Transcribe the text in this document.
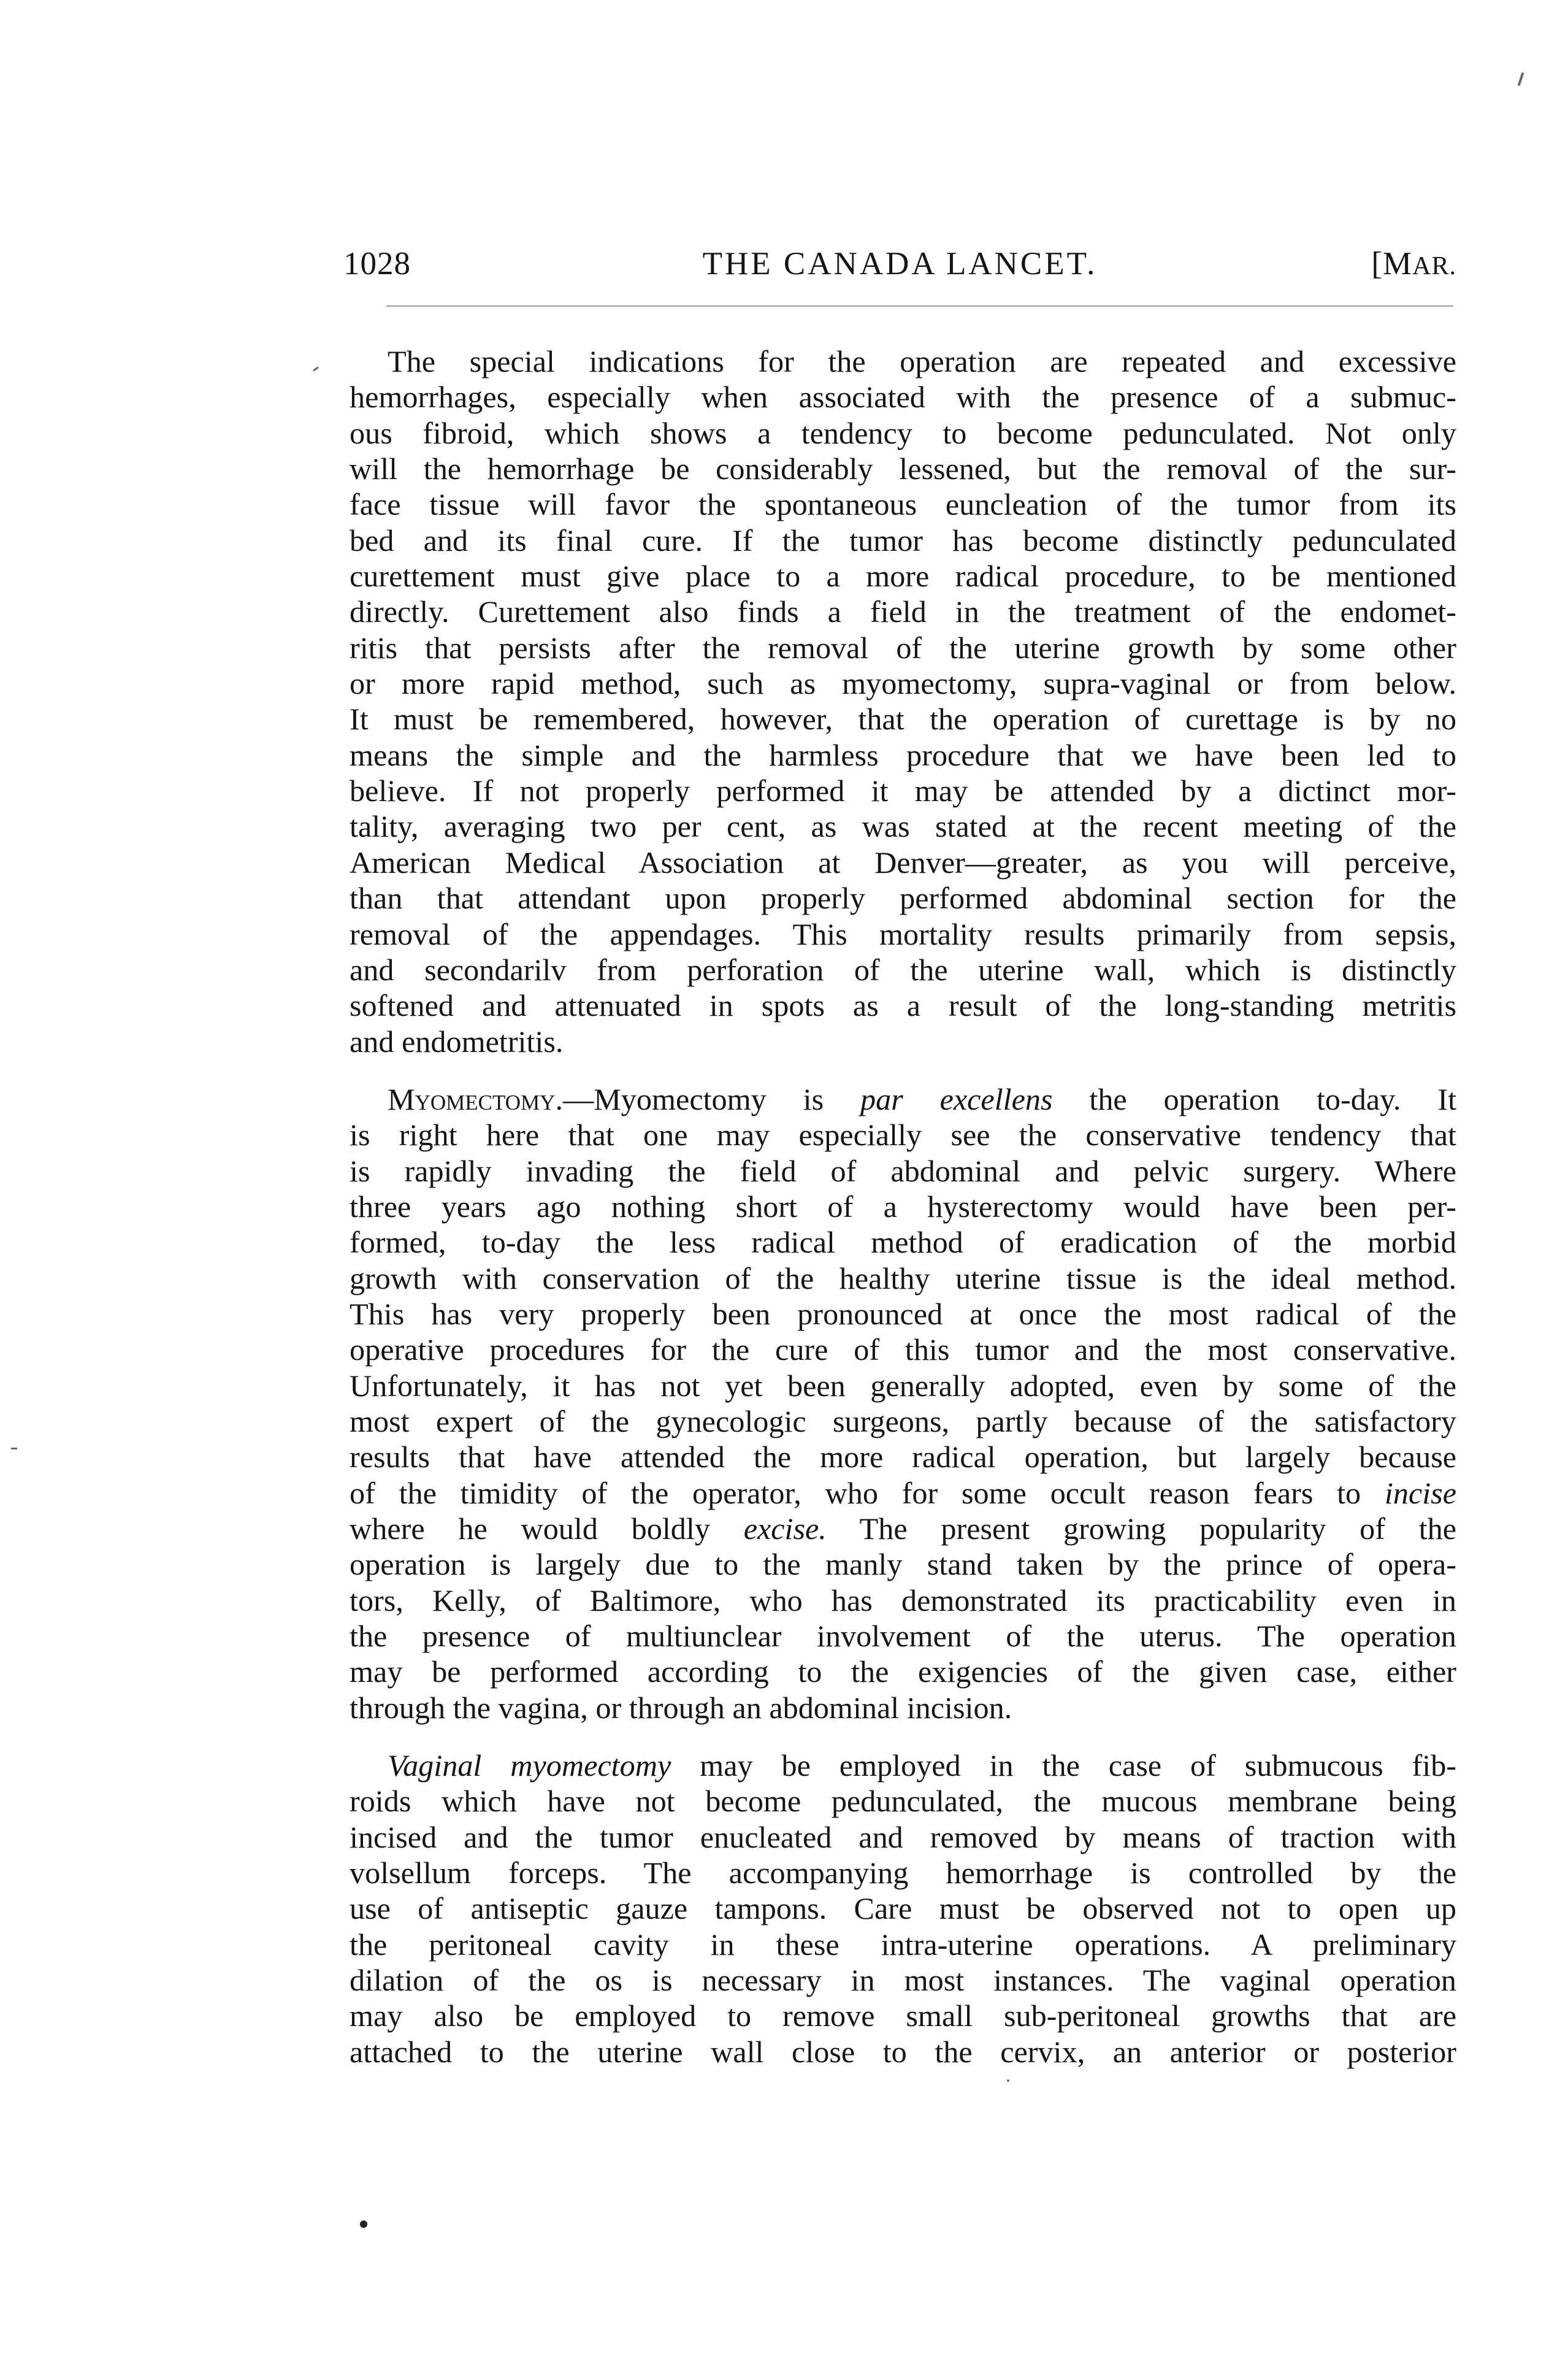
1028	THE CANADA LANCET.	[MAR.
The special indications for the operation are repeated and excessive
hemorrhages, especially when associated with the presence of a submuc-
ous fibroid, which shows a tendency to become pedunculated. Not only
will the hemorrhage be considerably lessened, but the removal of the sur-
face tissue will favor the spontaneous euncleation of the tumor from its
bed and its final cure. If the tumor has become distinctly pedunculated
curettement must give place to a more radical procedure, to be mentioned
directly. Curettement also finds a field in the treatment of the endomet-
ritis that persists after the removal of the uterine growth by some other
or more rapid method, such as myomectomy, supra-vaginal or from below.
It must be remembered, however, that the operation of curettage is by no
means the simple and the harmless procedure that we have been led to
believe. If not properly performed it may be attended by a dictinct mor-
tality, averaging two per cent, as was stated at the recent meeting of the
American Medical Association at Denver—greater, as you will perceive,
than that attendant upon properly performed abdominal section for the
removal of the appendages. This mortality results primarily from sepsis,
and secondarilv from perforation of the uterine wall, which is distinctly
softened and attenuated in spots as a result of the long-standing metritis
and endometritis.
Myomectomy.—Myomectomy is par excellens the operation to-day. It
is right here that one may especially see the conservative tendency that
is rapidly invading the field of abdominal and pelvic surgery. Where
three years ago nothing short of a hysterectomy would have been per-
formed, to-day the less radical method of eradication of the morbid
growth with conservation of the healthy uterine tissue is the ideal method.
This has very properly been pronounced at once the most radical of the
operative procedures for the cure of this tumor and the most conservative.
Unfortunately, it has not yet been generally adopted, even by some of the
most expert of the gynecologic surgeons, partly because of the satisfactory
results that have attended the more radical operation, but largely because
of the timidity of the operator, who for some occult reason fears to incise
where he would boldly excise. The present growing popularity of the
operation is largely due to the manly stand taken by the prince of opera-
tors, Kelly, of Baltimore, who has demonstrated its practicability even in
the presence of multiunclear involvement of the uterus. The operation
may be performed according to the exigencies of the given case, either
through the vagina, or through an abdominal incision.
Vaginal myomectomy may be employed in the case of submucous fib-
roids which have not become pedunculated, the mucous membrane being
incised and the tumor enucleated and removed by means of traction with
volsellum forceps. The accompanying hemorrhage is controlled by the
use of antiseptic gauze tampons. Care must be observed not to open up
the peritoneal cavity in these intra-uterine operations. A preliminary
dilation of the os is necessary in most instances. The vaginal operation
may also be employed to remove small sub-peritoneal growths that are
attached to the uterine wall close to the cervix, an anterior or posterior
